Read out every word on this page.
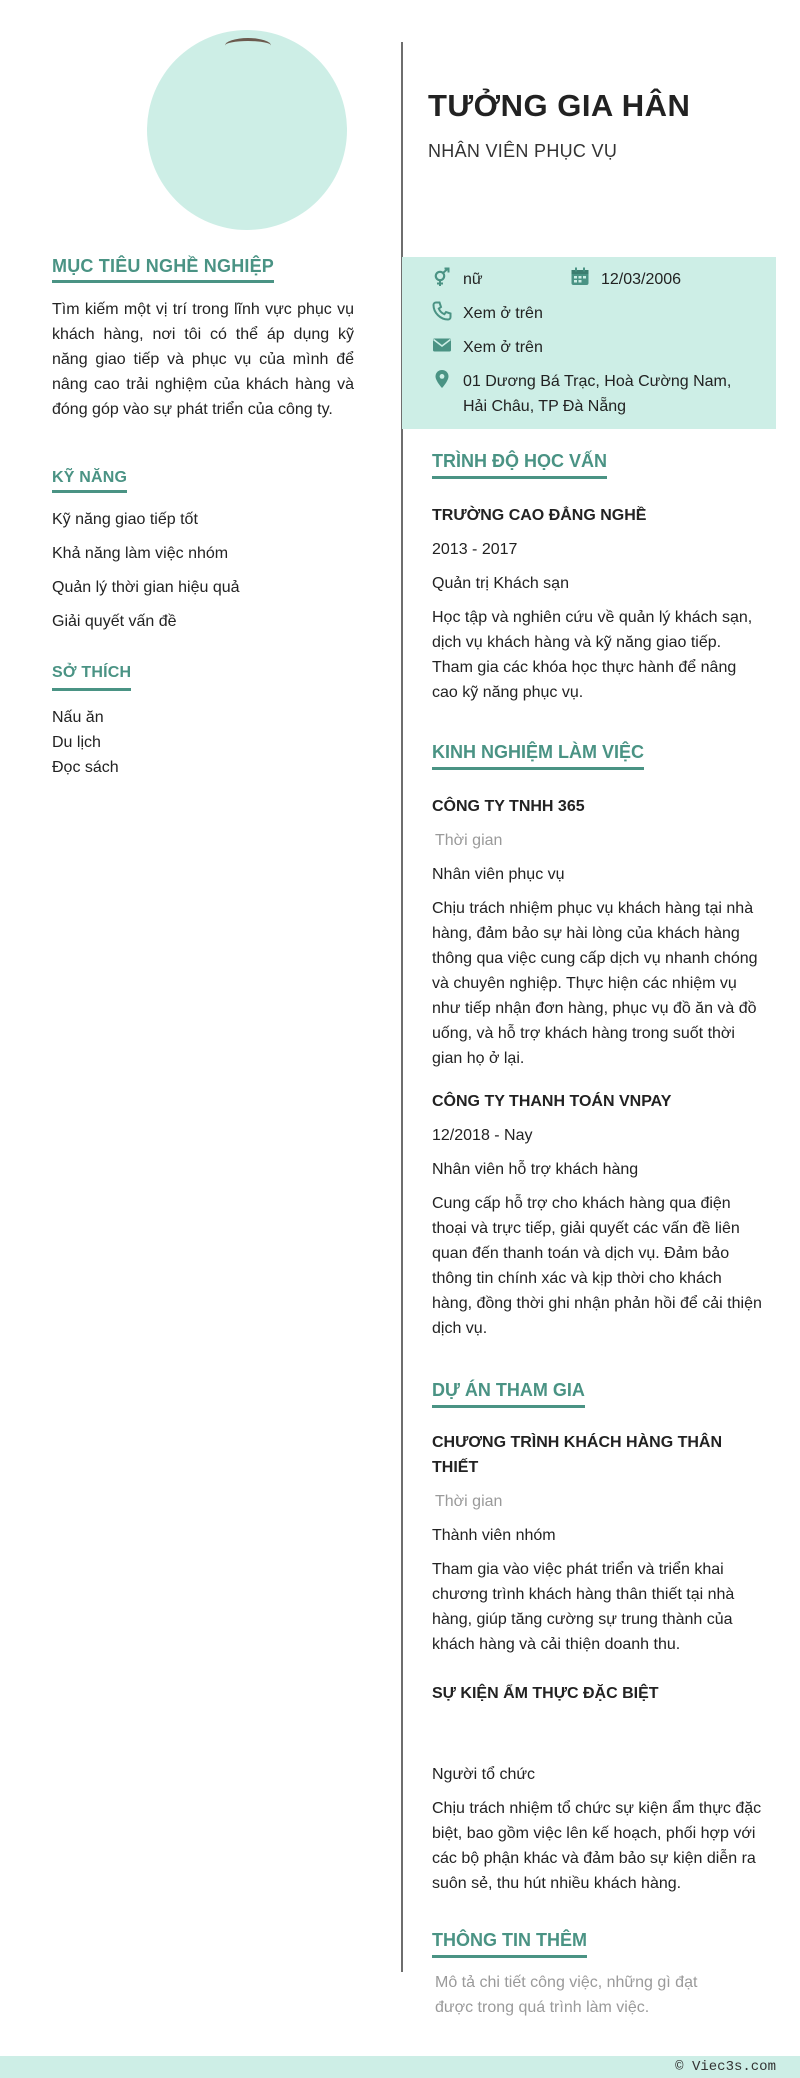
MỤC TIÊU NGHỀ NGHIỆP
Tìm kiếm một vị trí trong lĩnh vực phục vụ khách hàng, nơi tôi có thể áp dụng kỹ năng giao tiếp và phục vụ của mình để nâng cao trải nghiệm của khách hàng và đóng góp vào sự phát triển của công ty.
KỸ NĂNG
Kỹ năng giao tiếp tốt
Khả năng làm việc nhóm
Quản lý thời gian hiệu quả
Giải quyết vấn đề
SỞ THÍCH
Nấu ăn
Du lịch
Đọc sách
TƯỞNG GIA HÂN
NHÂN VIÊN PHỤC VỤ
nữ	12/03/2006
Xem ở trên
Xem ở trên
01 Dương Bá Trạc, Hoà Cường Nam,
Hải Châu, TP Đà Nẵng
TRÌNH ĐỘ HỌC VẤN
TRƯỜNG CAO ĐẲNG NGHỀ
2013 - 2017
Quản trị Khách sạn
Học tập và nghiên cứu về quản lý khách sạn, dịch vụ khách hàng và kỹ năng giao tiếp. Tham gia các khóa học thực hành để nâng cao kỹ năng phục vụ.
KINH NGHIỆM LÀM VIỆC
CÔNG TY TNHH 365
Thời gian
Nhân viên phục vụ
Chịu trách nhiệm phục vụ khách hàng tại nhà hàng, đảm bảo sự hài lòng của khách hàng thông qua việc cung cấp dịch vụ nhanh chóng và chuyên nghiệp. Thực hiện các nhiệm vụ như tiếp nhận đơn hàng, phục vụ đồ ăn và đồ uống, và hỗ trợ khách hàng trong suốt thời gian họ ở lại.
CÔNG TY THANH TOÁN VNPAY
12/2018 - Nay
Nhân viên hỗ trợ khách hàng
Cung cấp hỗ trợ cho khách hàng qua điện thoại và trực tiếp, giải quyết các vấn đề liên quan đến thanh toán và dịch vụ. Đảm bảo thông tin chính xác và kịp thời cho khách hàng, đồng thời ghi nhận phản hồi để cải thiện dịch vụ.
DỰ ÁN THAM GIA
CHƯƠNG TRÌNH KHÁCH HÀNG THÂN THIẾT
Thời gian
Thành viên nhóm
Tham gia vào việc phát triển và triển khai chương trình khách hàng thân thiết tại nhà hàng, giúp tăng cường sự trung thành của khách hàng và cải thiện doanh thu.
SỰ KIỆN ẨM THỰC ĐẶC BIỆT
Người tổ chức
Chịu trách nhiệm tổ chức sự kiện ẩm thực đặc biệt, bao gồm việc lên kế hoạch, phối hợp với các bộ phận khác và đảm bảo sự kiện diễn ra suôn sẻ, thu hút nhiều khách hàng.
THÔNG TIN THÊM
Mô tả chi tiết công việc, những gì đạt được trong quá trình làm việc.
© Viec3s.com
